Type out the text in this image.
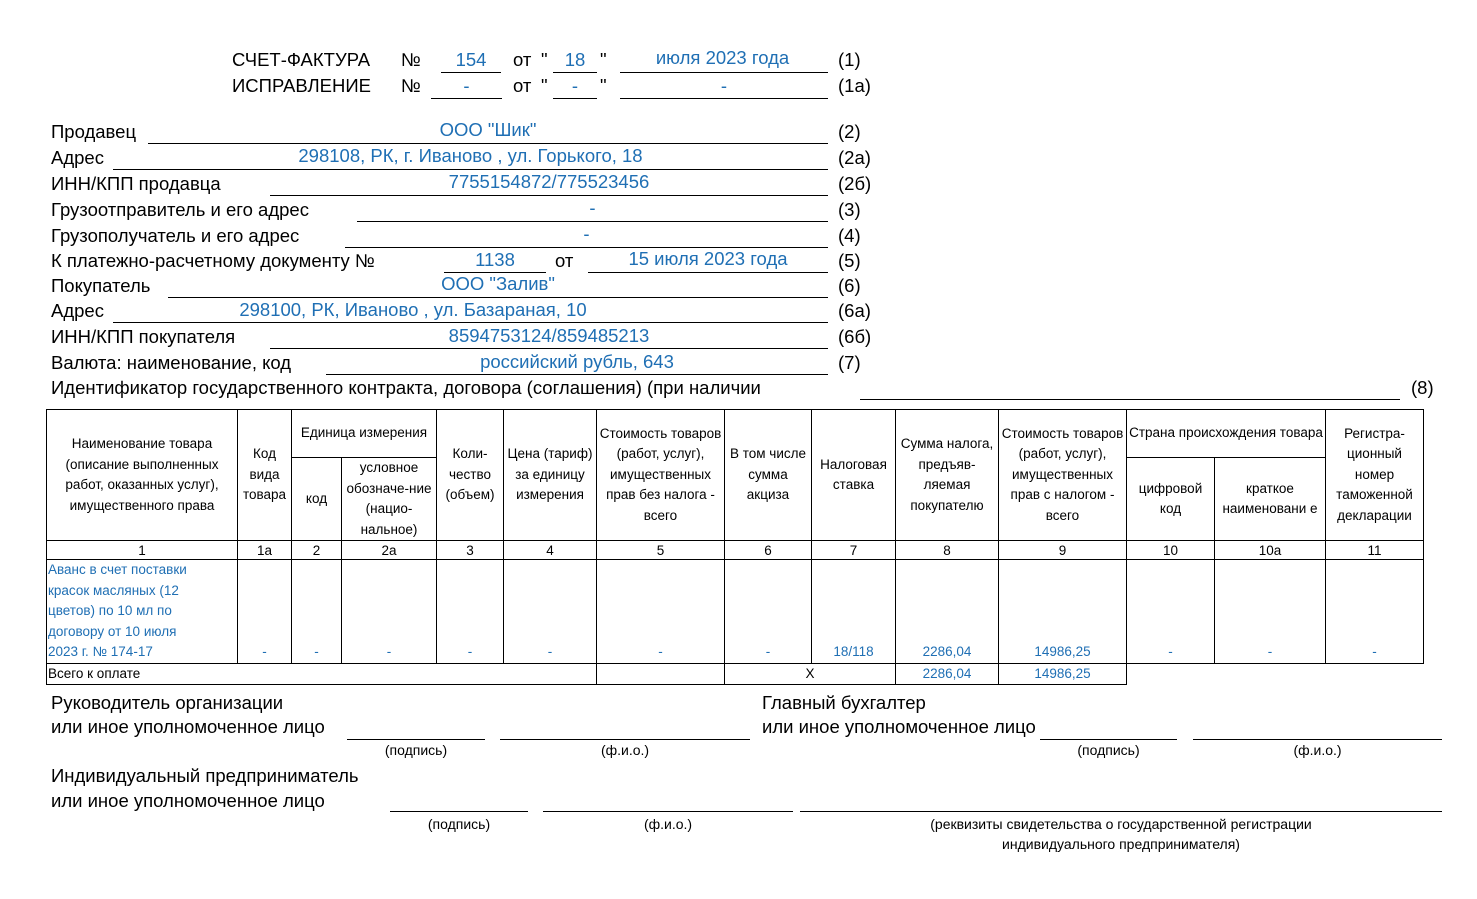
СЧЕТ-ФАКТУРА №	154	от " 18 "	июля 2023 года	(1)
ИСПРАВЛЕНИЕ №	-	от "	-	"	-	(1а)
Продавец	ООО "Шик"	(2)
Адрес	298108, РК, г. Иваново , ул. Горького, 18	(2а)
ИНН/КПП продавца	7755154872/775523456	(2б)
Грузоотправитель и его адрес	-	(3)
Грузополучатель и его адрес	-	(4)
К платежно-расчетному документу №	1138	от	15 июля 2023 года	(5)
Покупатель	ООО "Залив"	(6)
Адрес	298100, РК, Иваново , ул. Базараная, 10	(6а)
ИНН/КПП покупателя	8594753124/859485213	(6б)
Валюта: наименование, код	российский рубль, 643	(7)
Идентификатор государственного контракта, договора (соглашения) (при наличии	(8)
Наименование товара (описание выполненных работ, оказанных услуг), имущественного права	Код вида товара	Единица измерения		Коли-чество (объем)	Цена (тариф) за единицу измерения	Стоимость товаров (работ, услуг), имущественных прав без налога - всего	В том числе сумма акциза	Налоговая ставка	Сумма налога, предъяв-ляемая покупателю	Стоимость товаров (работ, услуг), имущественных прав с налогом - всего	Страна происхождения товара		Регистра-ционный номер таможенной декларации
		код	условное обозначе-ние (нацио-нальное)								цифровой код	краткое наименовани е	
1	1а	2	2а	3	4	5	6	7	8	9	10	10а	11

Аванс в счет поставки
красок масляных (12
цветов) по 10 мл по
договору от 10 июля
2023 г. № 174-17	-	-	-	-	-	-	-	18/118	2286,04	14986,25	-	-	-
Всего к оплате							Х		2286,04	14986,25			
Руководитель организации
или иное уполномоченное лицо
(подпись)	(ф.и.о.)
Главный бухгалтер
или иное уполномоченное лицо
(подпись)	(ф.и.о.)
Индивидуальный предприниматель
или иное уполномоченное лицо
(подпись)	(ф.и.о.)	(реквизиты свидетельства о государственной регистрации
индивидуального предпринимателя)
